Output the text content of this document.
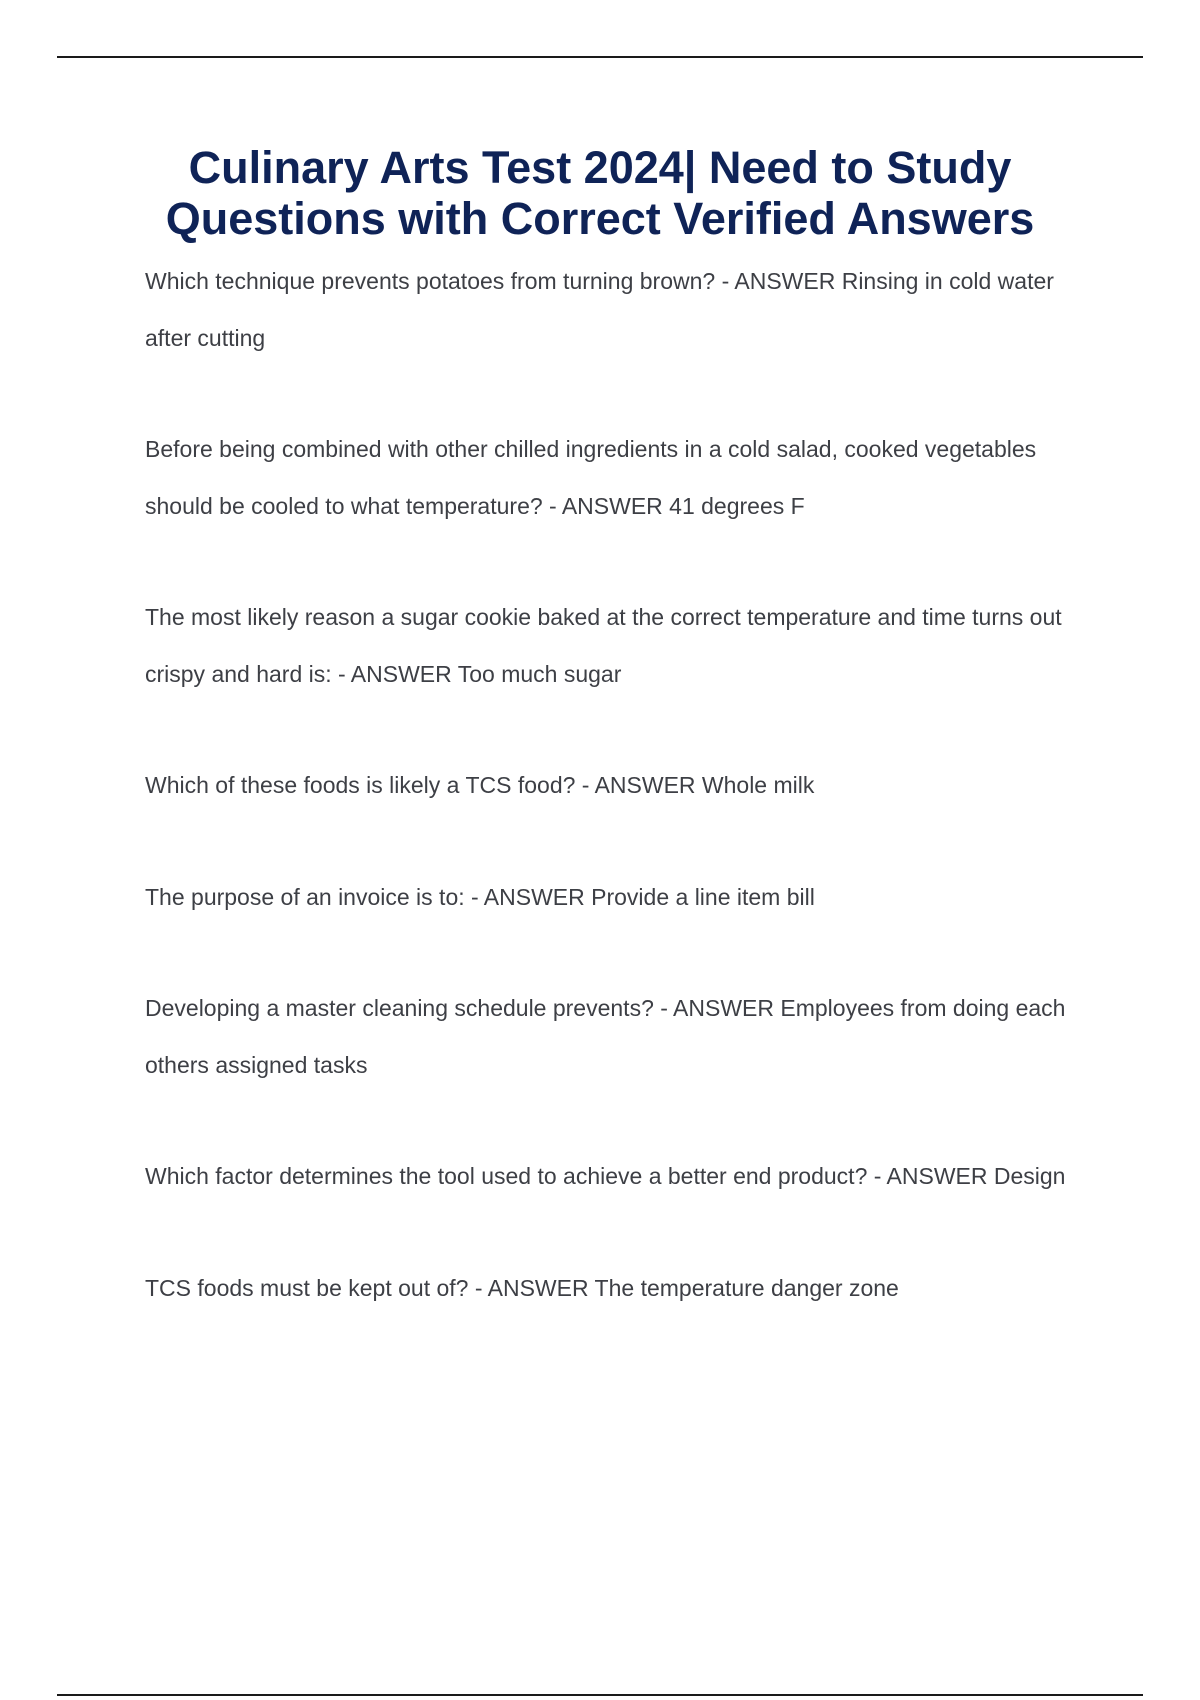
Culinary Arts Test 2024| Need to Study Questions with Correct Verified Answers
Which technique prevents potatoes from turning brown? - ANSWER Rinsing in cold water after cutting
Before being combined with other chilled ingredients in a cold salad, cooked vegetables should be cooled to what temperature? - ANSWER 41 degrees F
The most likely reason a sugar cookie baked at the correct temperature and time turns out crispy and hard is: - ANSWER Too much sugar
Which of these foods is likely a TCS food? - ANSWER Whole milk
The purpose of an invoice is to: - ANSWER Provide a line item bill
Developing a master cleaning schedule prevents? - ANSWER Employees from doing each others assigned tasks
Which factor determines the tool used to achieve a better end product? - ANSWER Design
TCS foods must be kept out of? - ANSWER The temperature danger zone
